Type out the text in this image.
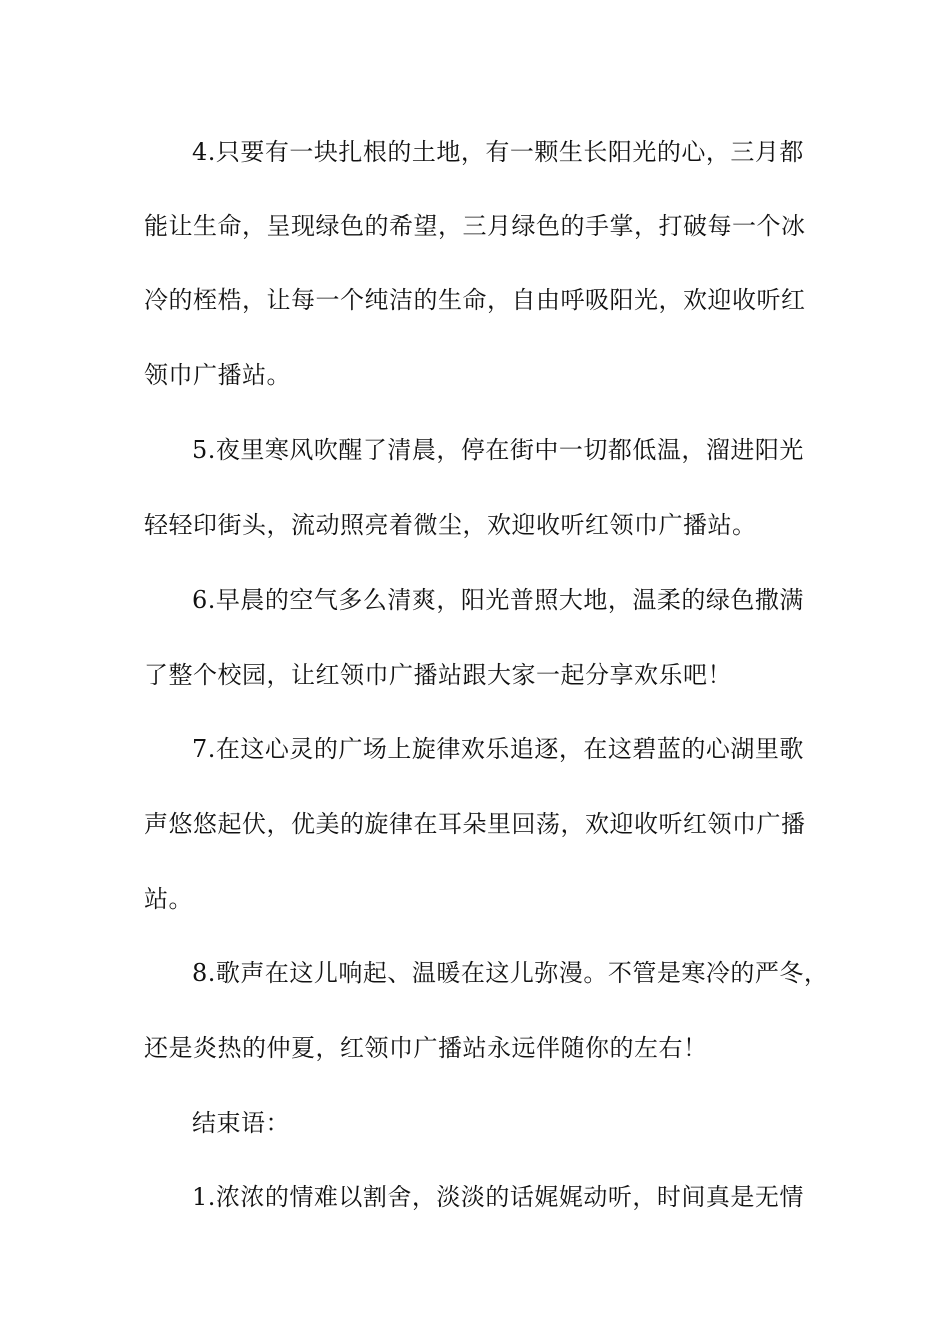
4.只要有一块扎根的土地，有一颗生长阳光的心，三月都
能让生命，呈现绿色的希望，三月绿色的手掌，打破每一个冰
冷的桎梏，让每一个纯洁的生命，自由呼吸阳光，欢迎收听红
领巾广播站。
5.夜里寒风吹醒了清晨，停在街中一切都低温，溜进阳光
轻轻印街头，流动照亮着微尘，欢迎收听红领巾广播站。
6.早晨的空气多么清爽，阳光普照大地，温柔的绿色撒满
了整个校园，让红领巾广播站跟大家一起分享欢乐吧！
7.在这心灵的广场上旋律欢乐追逐，在这碧蓝的心湖里歌
声悠悠起伏，优美的旋律在耳朵里回荡，欢迎收听红领巾广播
站。
8.歌声在这儿响起、温暖在这儿弥漫。不管是寒冷的严冬，
还是炎热的仲夏，红领巾广播站永远伴随你的左右！
结束语：
1.浓浓的情难以割舍，淡淡的话娓娓动听，时间真是无情
